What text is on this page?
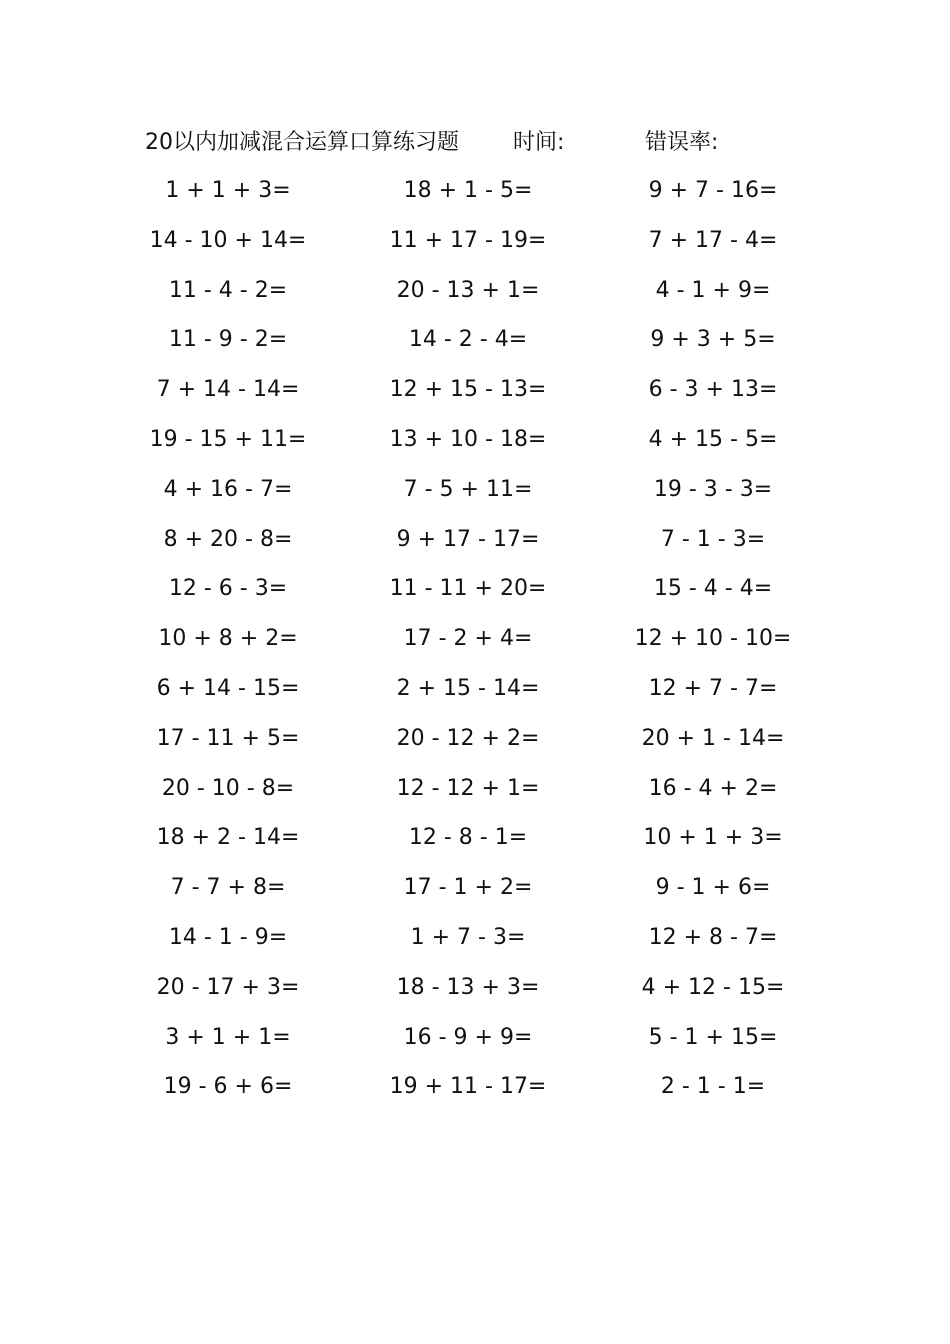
20以内加减混合运算口算练习题 时间:	错误率:
1 + 1 + 3=	18 + 1 - 5=	9 + 7 - 16=
14 - 10 + 14=	11 + 17 - 19=	7 + 17 - 4=
11 - 4 - 2=	20 - 13 + 1=	4 - 1 + 9=
11 - 9 - 2=	14 - 2 - 4=	9 + 3 + 5=
7 + 14 - 14=	12 + 15 - 13=	6 - 3 + 13=
19 - 15 + 11=	13 + 10 - 18=	4 + 15 - 5=
4 + 16 - 7=	7 - 5 + 11=	19 - 3 - 3=
8 + 20 - 8=	9 + 17 - 17=	7 - 1 - 3=
12 - 6 - 3=	11 - 11 + 20=	15 - 4 - 4=
10 + 8 + 2=	17 - 2 + 4=	12 + 10 - 10=
6 + 14 - 15=	2 + 15 - 14=	12 + 7 - 7=
17 - 11 + 5=	20 - 12 + 2=	20 + 1 - 14=
20 - 10 - 8=	12 - 12 + 1=	16 - 4 + 2=
18 + 2 - 14=	12 - 8 - 1=	10 + 1 + 3=
7 - 7 + 8=	17 - 1 + 2=	9 - 1 + 6=
14 - 1 - 9=	1 + 7 - 3=	12 + 8 - 7=
20 - 17 + 3=	18 - 13 + 3=	4 + 12 - 15=
3 + 1 + 1=	16 - 9 + 9=	5 - 1 + 15=
19 - 6 + 6=	19 + 11 - 17=	2 - 1 - 1=
